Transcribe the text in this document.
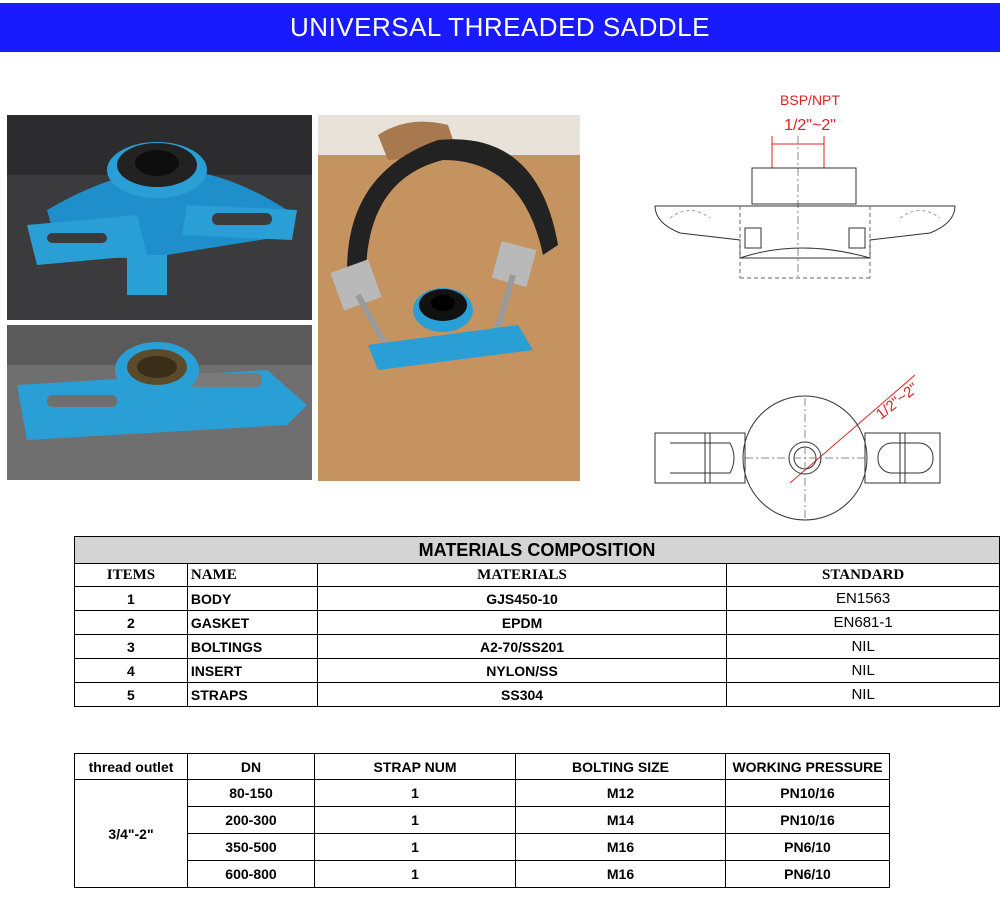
UNIVERSAL THREADED SADDLE
BSP/NPT
1/2"~2"
1/2"~2"
MATERIALS COMPOSITION			
ITEMS	NAME	MATERIALS	STANDARD
1	BODY	GJS450-10	EN1563
2	GASKET	EPDM	EN681-1
3	BOLTINGS	A2-70/SS201	NIL
4	INSERT	NYLON/SS	NIL
5	STRAPS	SS304	NIL
thread outlet	DN	STRAP NUM	BOLTING SIZE	WORKING PRESSURE
3/4"-2"	80-150	1	M12	PN10/16
	200-300	1	M14	PN10/16
	350-500	1	M16	PN6/10
	600-800	1	M16	PN6/10
